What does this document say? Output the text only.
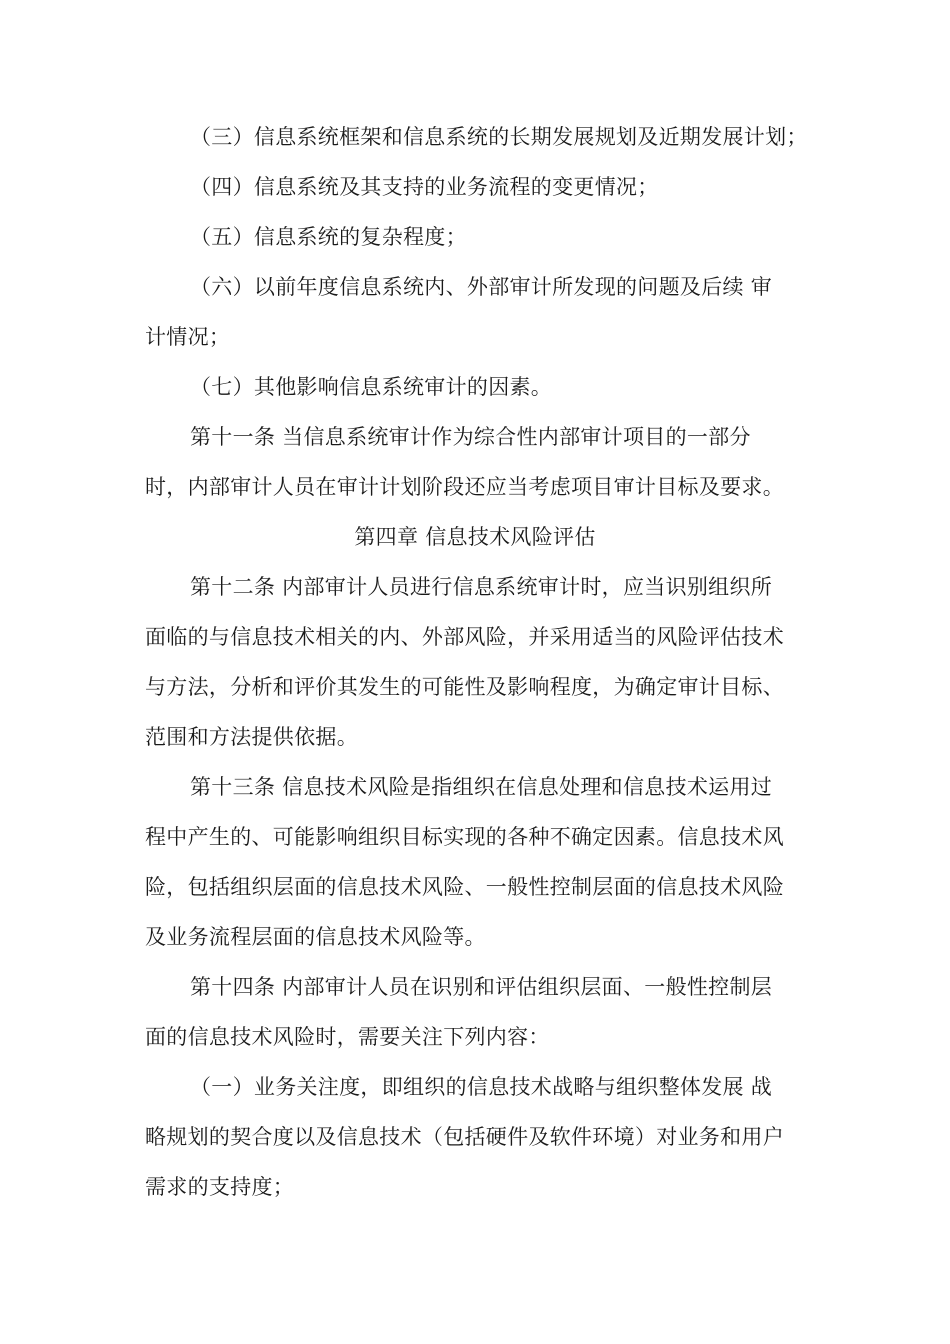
（三）信息系统框架和信息系统的长期发展规划及近期发展计划；
（四）信息系统及其支持的业务流程的变更情况；
（五）信息系统的复杂程度；
（六）以前年度信息系统内、外部审计所发现的问题及后续 审
计情况；
（七）其他影响信息系统审计的因素。
第十一条 当信息系统审计作为综合性内部审计项目的一部分
时，内部审计人员在审计计划阶段还应当考虑项目审计目标及要求。
第四章 信息技术风险评估
第十二条 内部审计人员进行信息系统审计时，应当识别组织所
面临的与信息技术相关的内、外部风险，并采用适当的风险评估技术
与方法，分析和评价其发生的可能性及影响程度，为确定审计目标、
范围和方法提供依据。
第十三条 信息技术风险是指组织在信息处理和信息技术运用过
程中产生的、可能影响组织目标实现的各种不确定因素。信息技术风
险，包括组织层面的信息技术风险、一般性控制层面的信息技术风险
及业务流程层面的信息技术风险等。
第十四条 内部审计人员在识别和评估组织层面、一般性控制层
面的信息技术风险时，需要关注下列内容：
（一）业务关注度，即组织的信息技术战略与组织整体发展 战
略规划的契合度以及信息技术（包括硬件及软件环境）对业务和用户
需求的支持度；
